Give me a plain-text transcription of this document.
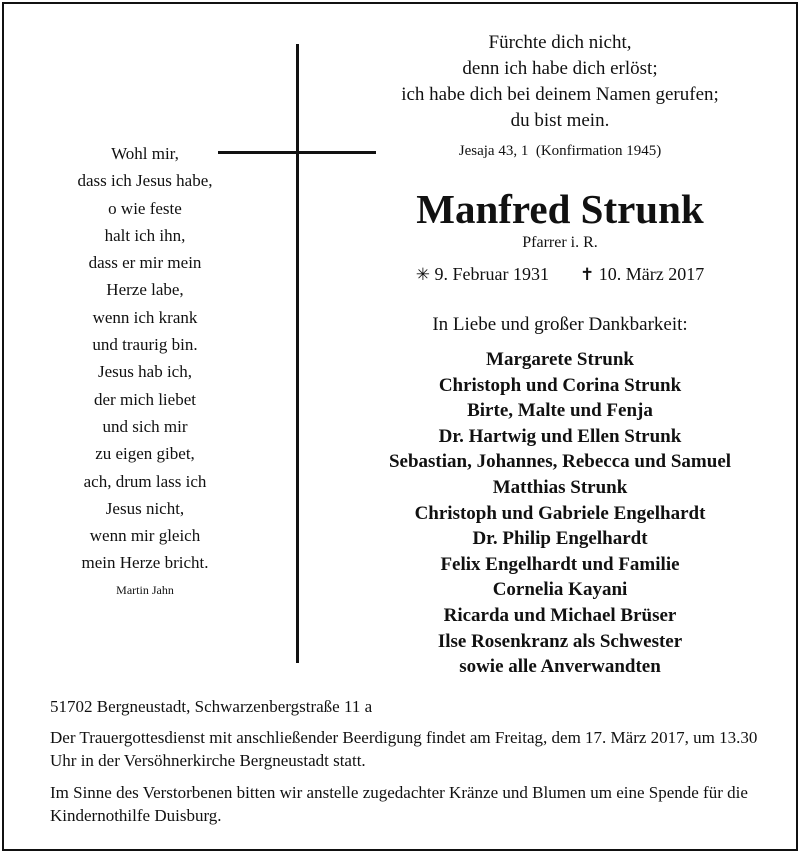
Fürchte dich nicht,
denn ich habe dich erlöst;
ich habe dich bei deinem Namen gerufen;
du bist mein.
Jesaja 43, 1  (Konfirmation 1945)
Wohl mir,
dass ich Jesus habe,
o wie feste
halt ich ihn,
dass er mir mein
Herze labe,
wenn ich krank
und traurig bin.
Jesus hab ich,
der mich liebet
und sich mir
zu eigen gibet,
ach, drum lass ich
Jesus nicht,
wenn mir gleich
mein Herze bricht.
Martin Jahn
Manfred Strunk
Pfarrer i. R.
✳ 9. Februar 1931 ✝ 10. März 2017
In Liebe und großer Dankbarkeit:
Margarete Strunk
Christoph und Corina Strunk
Birte, Malte und Fenja
Dr. Hartwig und Ellen Strunk
Sebastian, Johannes, Rebecca und Samuel
Matthias Strunk
Christoph und Gabriele Engelhardt
Dr. Philip Engelhardt
Felix Engelhardt und Familie
Cornelia Kayani
Ricarda und Michael Brüser
Ilse Rosenkranz als Schwester
sowie alle Anverwandten
51702 Bergneustadt, Schwarzenbergstraße 11 a
Der Trauergottesdienst mit anschließender Beerdigung findet am Freitag, dem 17. März 2017, um 13.30 Uhr in der Versöhnerkirche Bergneustadt statt.
Im Sinne des Verstorbenen bitten wir anstelle zugedachter Kränze und Blumen um eine Spende für die Kindernothilfe Duisburg.
